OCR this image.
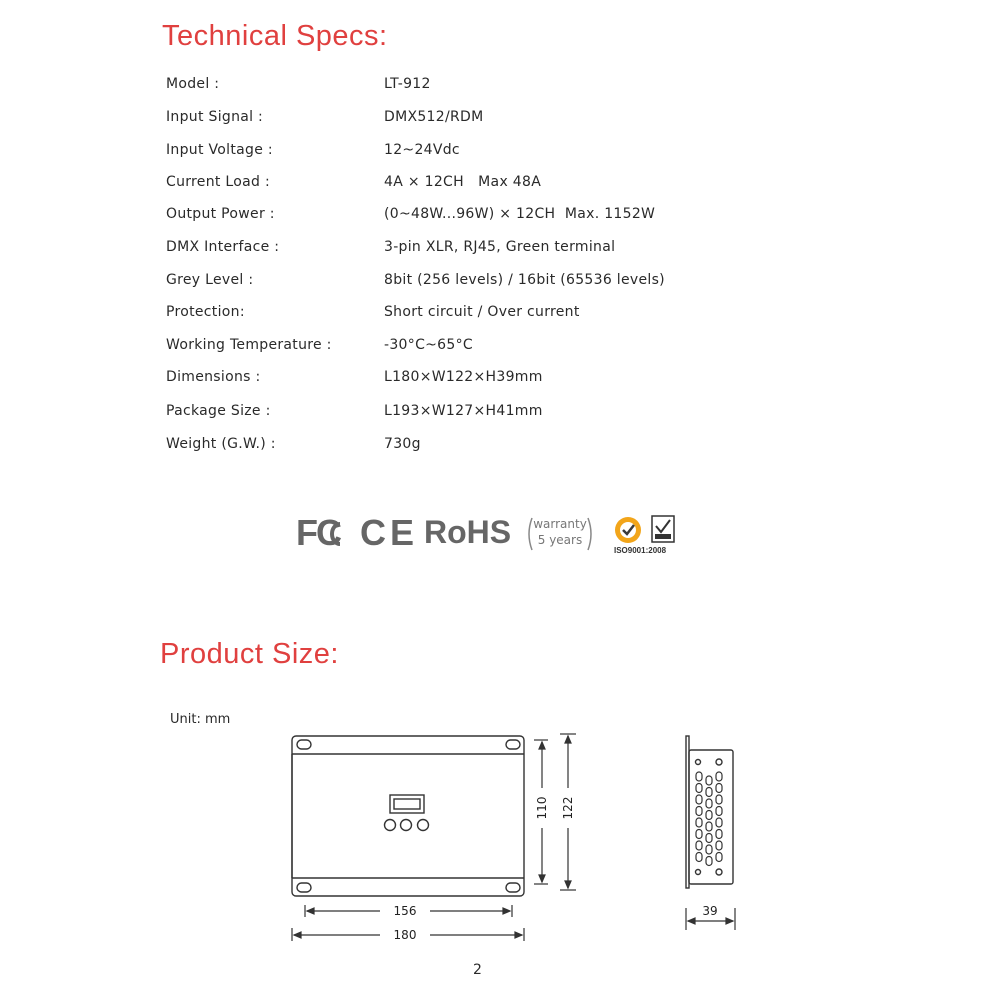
Technical Specs:
Model :	LT-912
Input Signal :	DMX512/RDM
Input Voltage :	12~24Vdc
Current Load :	4A × 12CH   Max 48A
Output Power :	(0~48W...96W) × 12CH  Max. 1152W
DMX Interface :	3-pin XLR, RJ45, Green terminal
Grey Level :	8bit (256 levels) / 16bit (65536 levels)
Protection:	Short circuit / Over current
Working Temperature :	-30°C~65°C
Dimensions :	L180×W122×H39mm
Package Size :	L193×W127×H41mm
Weight (G.W.) :	730g
FC CE RoHS	warranty
5 years
ISO9001:2008
Product Size:
Unit: mm
156
180
110 122
39
2
